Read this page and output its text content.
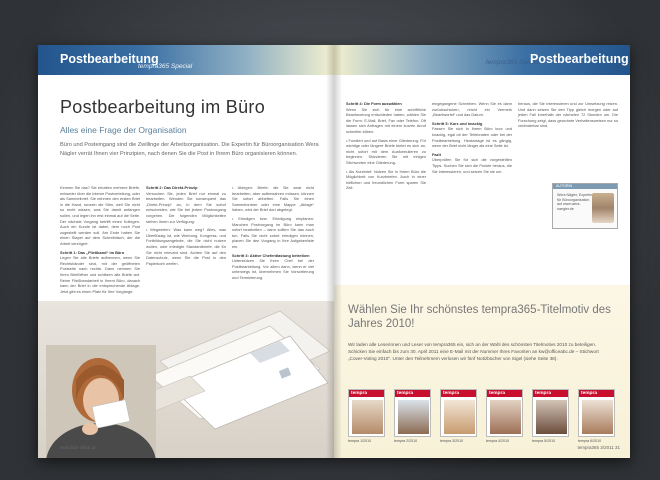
Postbearbeitung
tempra365 Special
Postbearbeitung im Büro
Alles eine Frage der Organisation
Büro und Posteingang sind die Zwillinge der Arbeitsorganisation. Die Expertin für Büroorganisation Wera Nägler verrät Ihnen vier Prinzipien, nach denen Sie die Post in Ihrem Büro organisieren können.

Kennen Sie das? Sie erhalten mehrere Briefe, entweder über die interne Postverteilung, oder als Sammelbrief. Sie nehmen den ersten Brief in die Hand, runzeln die Stirn, weil Sie nicht so recht wissen, was Sie damit anfangen sollen, und legen ihn erst einmal auf die Seite. Der nächste Vorgang betrifft einen Kollegen. Auch ein Kunde ist dabei, dem noch Post zugestellt werden soll. Am Ende haben Sie einen Stapel auf dem Schreibtisch, der die Arbeit verzögert.

Schritt 1: Das „Fließband“ im Büro

Legen Sie alle Briefe auftrennen, wenn Sie Rechtshänder sind, mit der geöffneten Postseite nach rechts. Dann nehmen Sie Ihren Brieföffner und schlitzen alle Briefe auf. Reine Fließbandarbeit in Ihrem Büro, danach kann der Brief in die entsprechende Ablage. Jetzt gibt es einen Platz für Ihre Vorgänge.

Schritt 2: Das Direkt-Prinzip

Versuchen Sie, jeden Brief nur einmal zu bearbeiten. Wenden Sie konsequent das „Direkt-Prinzip“ an, in dem Sie sofort entscheiden, wie Sie bei jedem Postvorgang vorgehen. Die folgenden Möglichkeiten stehen Ihnen zur Verfügung:

• Wegwerfen: Was kann weg? Alles, was Überflüssig ist, wie Werbung, Kongress- und Fortbildungsangebote, die Sie nicht nutzen wollen, oder erledigte Standardbriefe, die für Sie nicht relevant sind. Achten Sie auf den Datenschutz, wenn Sie die Post in den Papierkorb werfen.

• Ablegen: Briefe, die Sie zwar nicht bearbeiten, aber aufbewahren müssen, können Sie sofort abheften. Falls Sie einen Sammelordner oder eine Mappe „Ablage“ haben, wird der Brief dort abgelegt.

• Erledigen bzw. Erledigung einplanen: Manchen Postvorgang im Büro kann man sofort bearbeiten – dann sollten Sie das auch tun. Falls Sie nicht sofort erledigen können, planen Sie den Vorgang in Ihre Aufgabenliste ein.

Schritt 3: Aktive Chefentlastung betreiben

Unterstützen Sie Ihren Chef bei der Postbearbeitung. Vor allem dann, wenn er viel unterwegs ist, übernehmen Sie Vorsortierung und Terminierung.

www.bde-office.de
tempra365 Special
Postbearbeitung

Schritt 4: Die Form auswählen

Wenn Sie sich für eine schriftliche Beantwortung entschieden haben, wählen Sie die Form: E-Mail, Brief, Fax oder Telefon. Oft lassen sich Anfragen mit einem kurzen Anruf schneller klären.

• Fundiert und auf Basis einer Gliederung: Für wichtige oder längere Briefe bietet es sich an, nicht sofort mit dem Ausformulieren zu beginnen. Skizzieren Sie mit einigen Stichworten eine Gliederung.

• Als Kurzbrief: Nutzen Sie in Ihrem Büro die Möglichkeit von Kurzbriefen. Auch in einer höflichen und freundlichen Form sparen Sie Zeit.

eingegangene Schreiben. Wenn Sie es dann zurückschicken, reicht ein Vermerk „Beantwortet“ und das Datum.

Schritt 5: Kurz und knackig

Fassen Sie sich in Ihrem Büro kurz und knackig, egal ob der Telefonaten oder bei der Postbearbeitung. Heutzutage ist es gängig, wenn der Brief nicht länger als eine Seite ist.

Fazit

Überprüfen Sie für sich die vorgestellten Tipps. Suchen Sie sich die Punkte heraus, die Sie interessieren, und setzen Sie sie um.

heraus, die Sie interessieren und zur Umsetzung reizen. Und dann setzen Sie den Tipp gleich morgen oder auf jeden Fall innerhalb der nächsten 72 Stunden um. Die Forschung zeigt, dass gewohnte Verhaltensweisen nur so veränderbar sind.

AUTORIN
Wera Nägler, Expertin für Büroorganisation auf www.wera-naegler.de
Wählen Sie Ihr schönstes tempra365-Titelmotiv des Jahres 2010!
Wir laden alle Leserinnen und Leser von tempra365 ein, sich an der Wahl des schönsten Titelmotivs 2010 zu beteiligen. Schicken Sie einfach bis zum 30. April 2011 eine E-Mail mit der Nummer Ihres Favoriten an kw@officeabc.de – Stichwort „Cover-Voting 2010“. Unter den Teilnehmern verlosen wir fünf Notizbücher von Sigel (siehe Seite 38).
tempra
tempra 1/2010
tempra
tempra 2/2010
tempra
tempra 3/2010
tempra
tempra 4/2010
tempra
tempra 5/2010
tempra
tempra 6/2010
tempra365 3/2011 31
